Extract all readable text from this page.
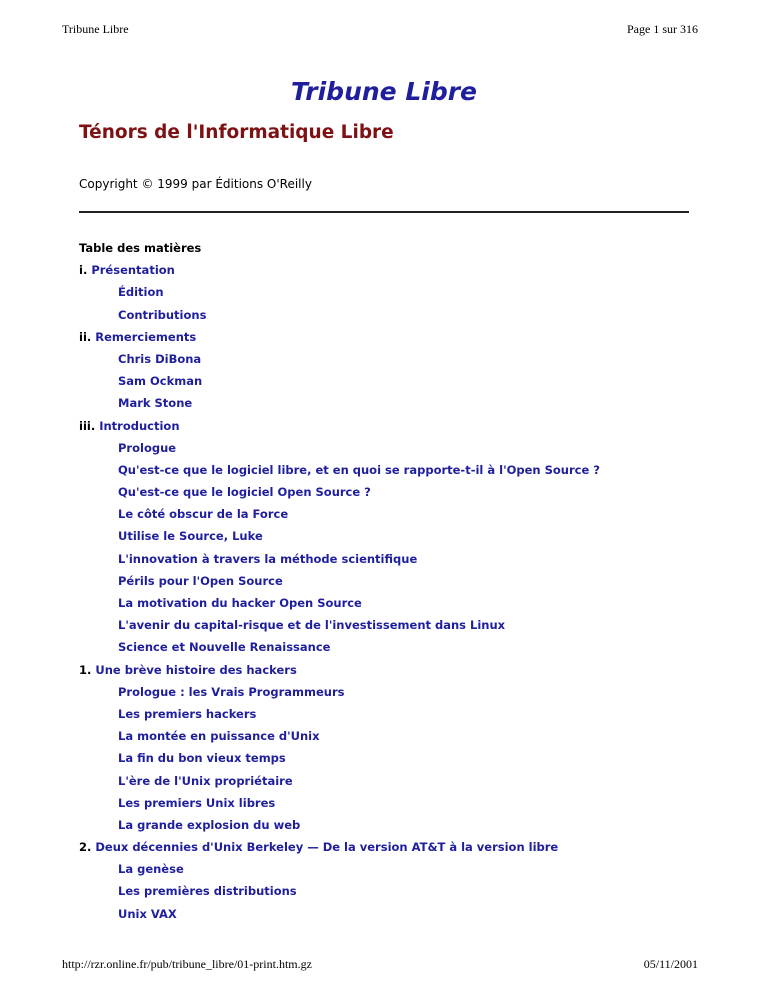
Tribune Libre	Page 1 sur 316
Tribune Libre
Ténors de l'Informatique Libre
Copyright © 1999 par Éditions O'Reilly
Table des matières
i. Présentation
Édition
Contributions
ii. Remerciements
Chris DiBona
Sam Ockman
Mark Stone
iii. Introduction
Prologue
Qu'est-ce que le logiciel libre, et en quoi se rapporte-t-il à l'Open Source ?
Qu'est-ce que le logiciel Open Source ?
Le côté obscur de la Force
Utilise le Source, Luke
L'innovation à travers la méthode scientifique
Périls pour l'Open Source
La motivation du hacker Open Source
L'avenir du capital-risque et de l'investissement dans Linux
Science et Nouvelle Renaissance
1. Une brève histoire des hackers
Prologue : les Vrais Programmeurs
Les premiers hackers
La montée en puissance d'Unix
La fin du bon vieux temps
L'ère de l'Unix propriétaire
Les premiers Unix libres
La grande explosion du web
2. Deux décennies d'Unix Berkeley — De la version AT&T à la version libre
La genèse
Les premières distributions
Unix VAX
http://rzr.online.fr/pub/tribune_libre/01-print.htm.gz	05/11/2001
